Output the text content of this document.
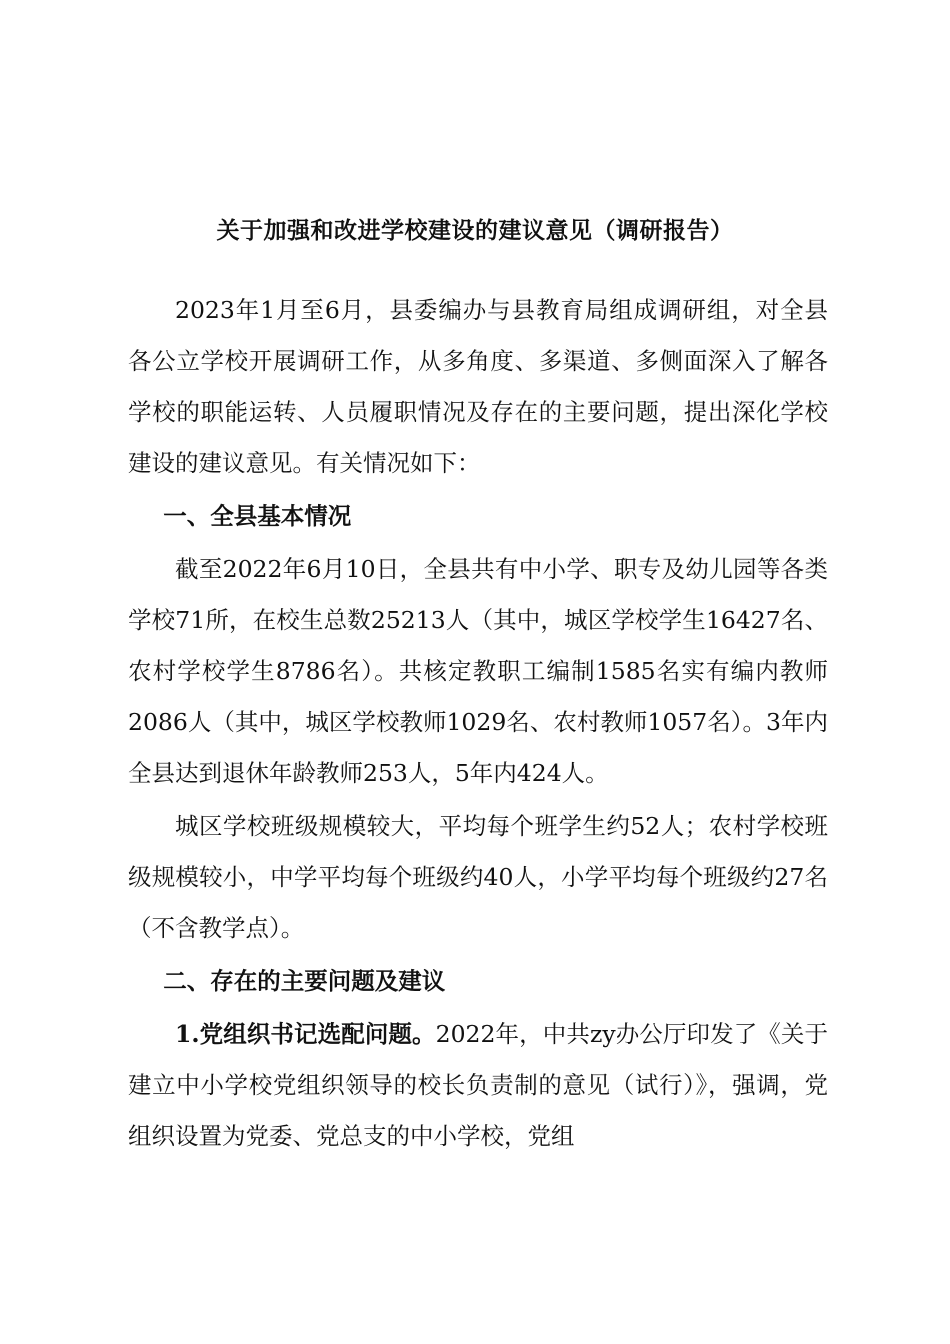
关于加强和改进学校建设的建议意见（调研报告）

2023年1月至6月，县委编办与县教育局组成调研组，对全县各公立学校开展调研工作，从多角度、多渠道、多侧面深入了解各学校的职能运转、人员履职情况及存在的主要问题，提出深化学校建设的建议意见。有关情况如下：

一、全县基本情况

截至2022年6月10日，全县共有中小学、职专及幼儿园等各类学校71所，在校生总数25213人（其中，城区学校学生16427名、农村学校学生8786名）。共核定教职工编制1585名实有编内教师2086人（其中，城区学校教师1029名、农村教师1057名）。3年内全县达到退休年龄教师253人，5年内424人。

城区学校班级规模较大，平均每个班学生约52人；农村学校班级规模较小，中学平均每个班级约40人，小学平均每个班级约27名（不含教学点）。

二、存在的主要问题及建议

1.党组织书记选配问题。2022年，中共zy办公厅印发了《关于建立中小学校党组织领导的校长负责制的意见（试行）》，强调，党组织设置为党委、党总支的中小学校，党组
